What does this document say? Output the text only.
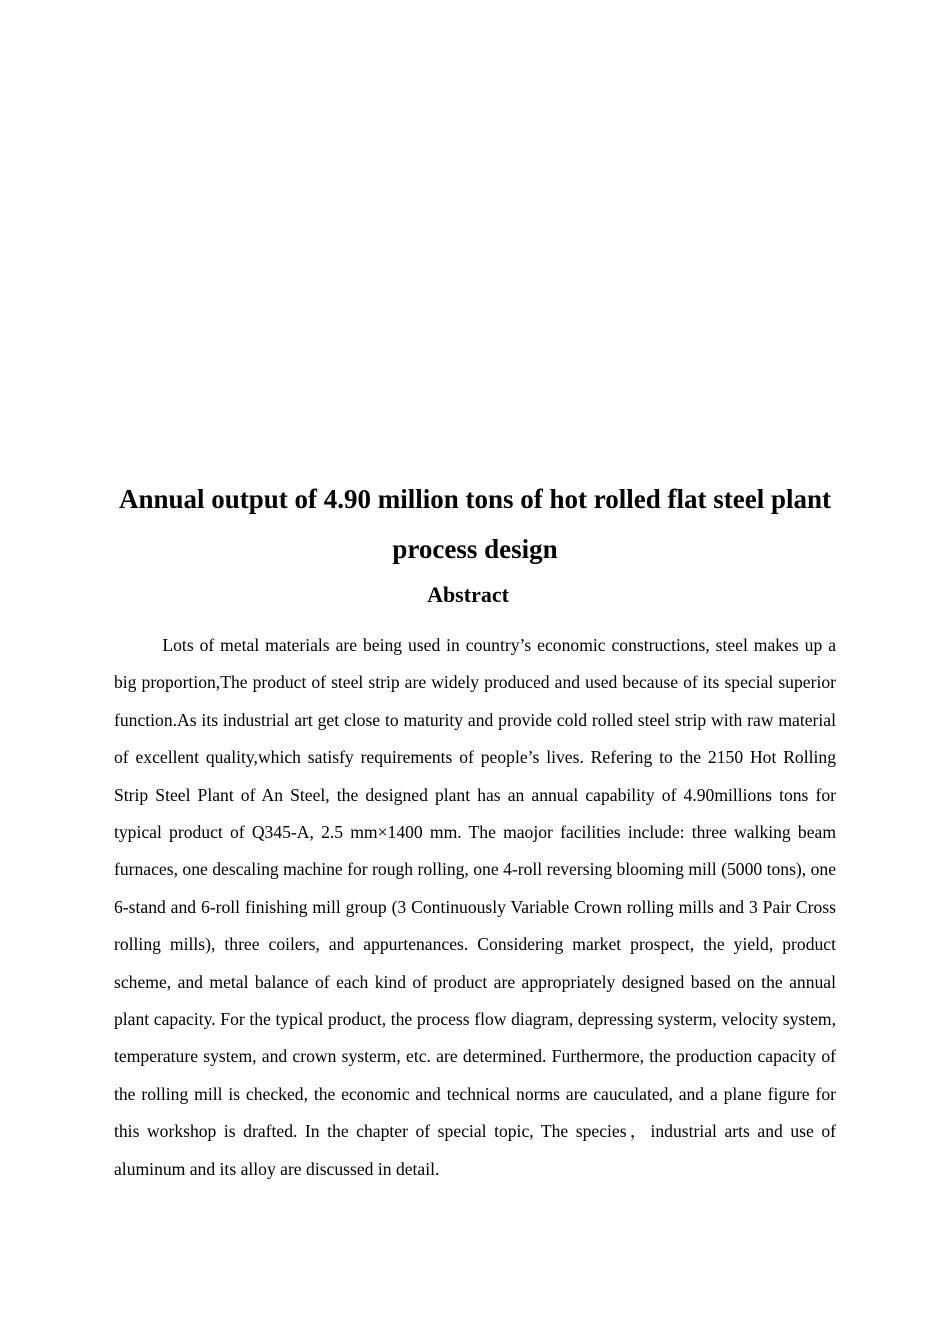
Annual output of 4.90 million tons of hot rolled flat steel plant process design
Abstract

Lots of metal materials are being used in country’s economic constructions, steel makes up a big proportion,The product of steel strip are widely produced and used because of its special superior function.As its industrial art get close to maturity and provide cold rolled steel strip with raw material of excellent quality,which satisfy requirements of people’s lives. Refering to the 2150 Hot Rolling Strip Steel Plant of An Steel, the designed plant has an annual capability of 4.90millions tons for typical product of Q345-A, 2.5 mm×1400 mm. The maojor facilities include: three walking beam furnaces, one descaling machine for rough rolling, one 4-roll reversing blooming mill (5000 tons), one 6-stand and 6-roll finishing mill group (3 Continuously Variable Crown rolling mills and 3 Pair Cross rolling mills), three coilers, and appurtenances. Considering market prospect, the yield, product scheme, and metal balance of each kind of product are appropriately designed based on the annual plant capacity. For the typical product, the process flow diagram, depressing systerm, velocity system, temperature system, and crown systerm, etc. are determined. Furthermore, the production capacity of the rolling mill is checked, the economic and technical norms are cauculated, and a plane figure for this workshop is drafted. In the chapter of special topic, The species，industrial arts and use of aluminum and its alloy are discussed in detail.
